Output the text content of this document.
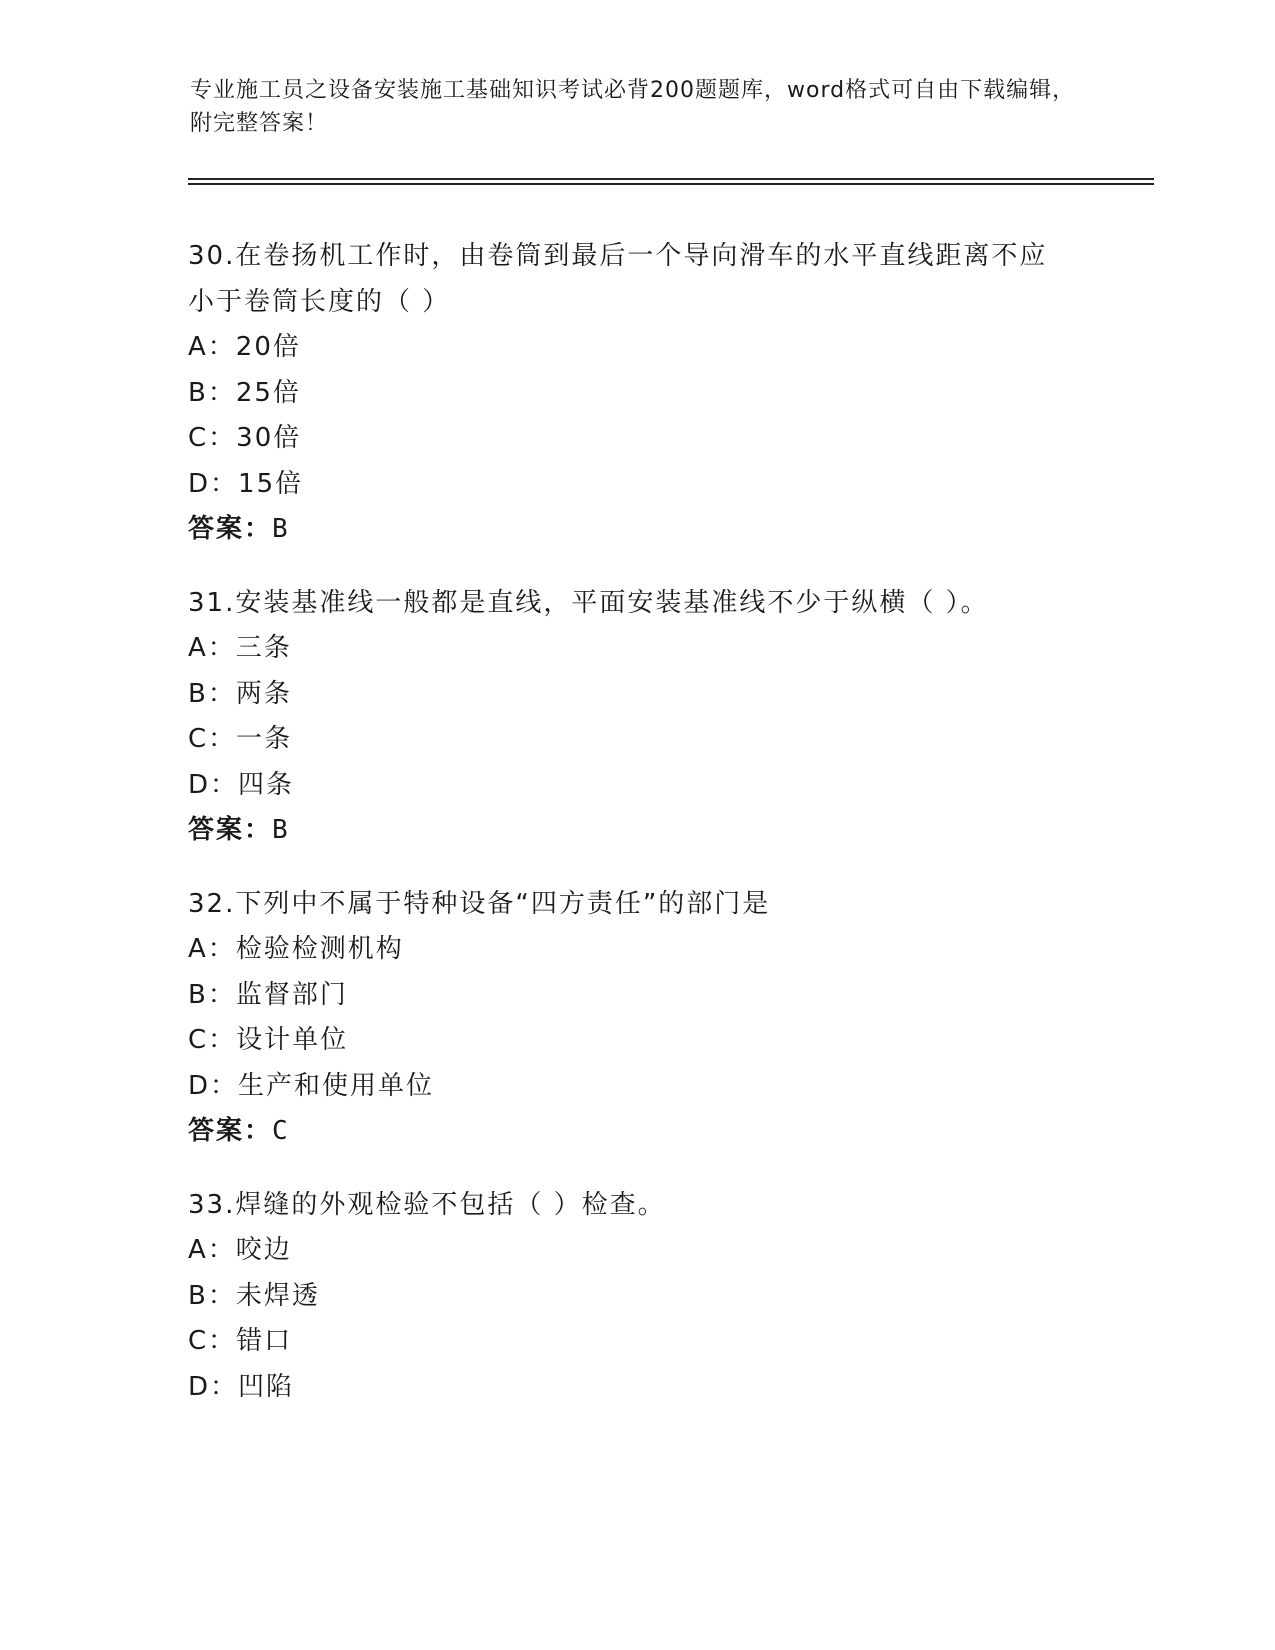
专业施工员之设备安装施工基础知识考试必背200题题库，word格式可自由下载编辑，附完整答案！

30.在卷扬机工作时，由卷筒到最后一个导向滑车的水平直线距离不应小于卷筒长度的（ ）

A：20倍

B：25倍

C：30倍

D：15倍

答案：B

31.安装基准线一般都是直线，平面安装基准线不少于纵横（ ）。

A：三条

B：两条

C：一条

D：四条

答案：B

32.下列中不属于特种设备“四方责任”的部门是

A：检验检测机构

B：监督部门

C：设计单位

D：生产和使用单位

答案：C

33.焊缝的外观检验不包括（ ）检查。

A：咬边

B：未焊透

C：错口

D：凹陷
